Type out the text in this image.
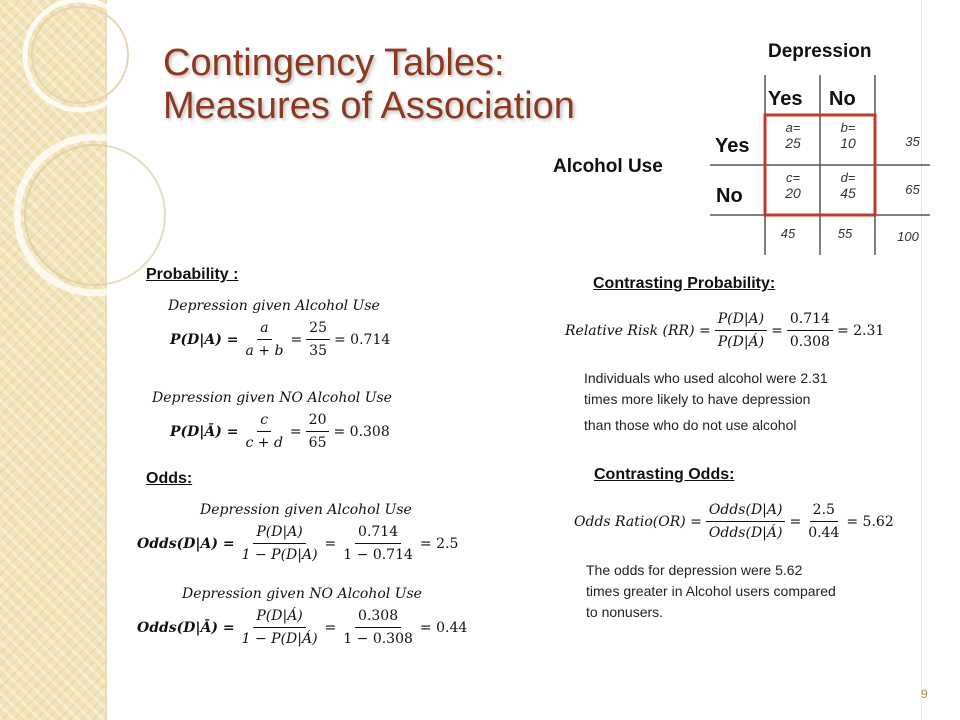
Contingency Tables:
Measures of Association
Depression
Yes No
Yes
No
Alcohol Use
a=
25
b=
10
c=
20
d=
45
35
65
45	55	100
Probability :
Depression given Alcohol Use
$P(D|A) = \frac{a}{a + b} = \frac{25}{35} = 0.714$
Depression given NO Alcohol Use
P(D|Ā) = $\frac{c}{c + d} = \frac{20}{65} = 0.308$
Odds:
Depression given Alcohol Use
Odds(D|A) = $\frac{P(D|A)}{1 - P(D|A)} = \frac{0.714}{1 - 0.714} = 2.5$
Depression given NO Alcohol Use
Odds(D|Ā) = $\frac{P(D|Á)}{1 - P(D|Á)} = \frac{0.308}{1 - 0.308} = 0.44$
Contrasting Probability:
Relative Risk $(RR) = \frac{P(D|A)}{P(D|Á)} = \frac{0.714}{0.308} = 2.31$
Individuals who used alcohol were 2.31
times more likely to have depression
than those who do not use alcohol
Contrasting Odds:
Odds Ratio(OR) = $\frac{\text{Odds(D|A)}}{\text{Odds(D|Á)}} = \frac{2.5}{0.44} = 5.62$
The odds for depression were 5.62
times greater in Alcohol users compared
to nonusers.
9
